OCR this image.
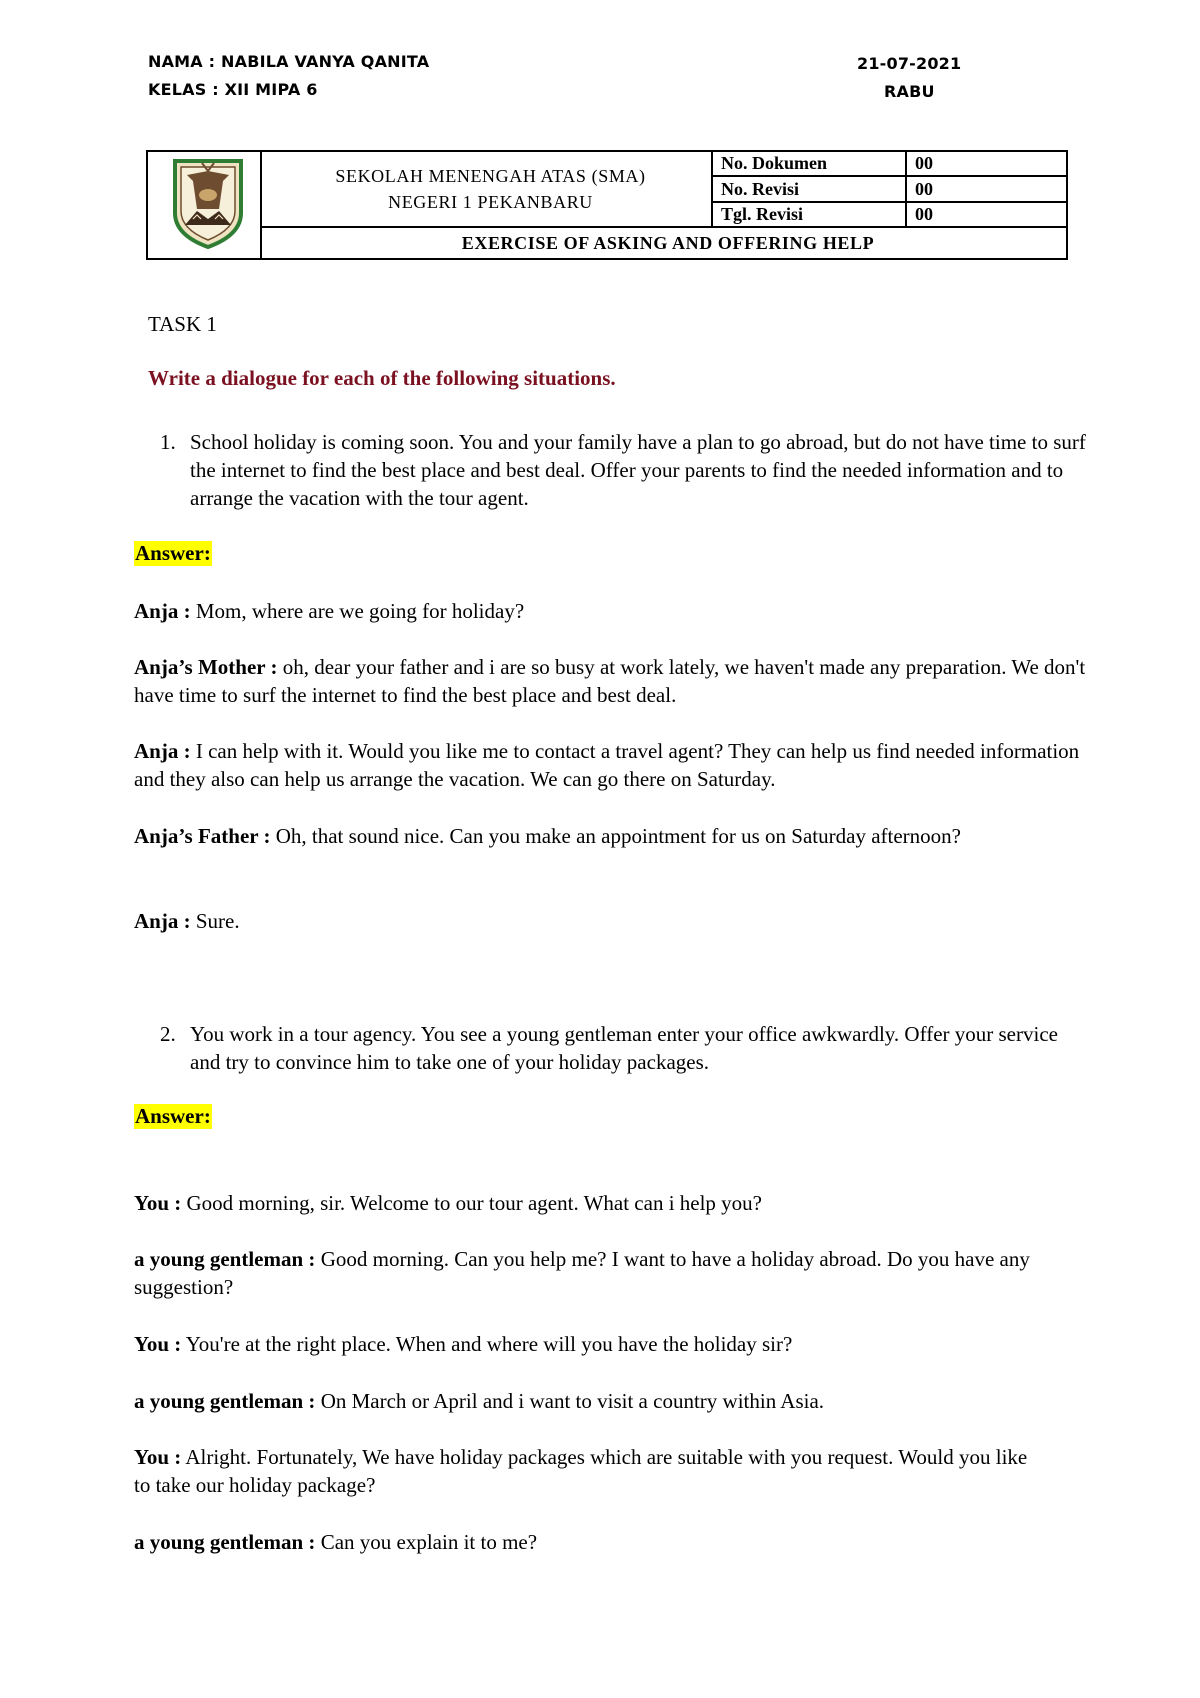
NAMA : NABILA VANYA QANITA
KELAS : XII MIPA 6
21-07-2021
RABU

SEKOLAH MENENGAH ATAS (SMA)
NEGERI 1 PEKANBARU	No. Dokumen	00
		No. Revisi	00
		Tgl. Revisi	00
	EXERCISE OF ASKING AND OFFERING HELP		
TASK 1
Write a dialogue for each of the following situations.
1. School holiday is coming soon. You and your family have a plan to go abroad, but do not have time to surf the internet to find the best place and best deal. Offer your parents to find the needed information and to arrange the vacation with the tour agent.
Answer:
Anja : Mom, where are we going for holiday?
Anja’s Mother : oh, dear your father and i are so busy at work lately, we haven't made any preparation. We don't have time to surf the internet to find the best place and best deal.
Anja : I can help with it. Would you like me to contact a travel agent? They can help us find needed information and they also can help us arrange the vacation. We can go there on Saturday.
Anja’s Father : Oh, that sound nice. Can you make an appointment for us on Saturday afternoon?
Anja : Sure.
2. You work in a tour agency. You see a young gentleman enter your office awkwardly. Offer your service and try to convince him to take one of your holiday packages.
Answer:
You : Good morning, sir. Welcome to our tour agent. What can i help you?
a young gentleman : Good morning. Can you help me? I want to have a holiday abroad. Do you have any suggestion?
You : You're at the right place. When and where will you have the holiday sir?
a young gentleman : On March or April and i want to visit a country within Asia.
You : Alright. Fortunately, We have holiday packages which are suitable with you request. Would you like to take our holiday package?
a young gentleman : Can you explain it to me?
